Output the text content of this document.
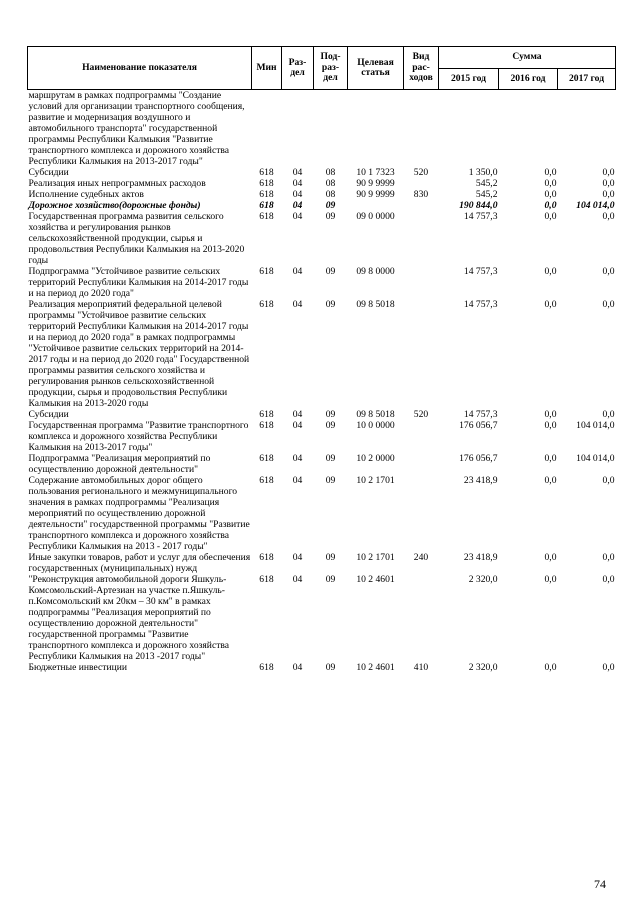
Наименование показателя	Мин	Раз-дел	Под-раз-дел	Целевая статья	Вид рас-ходов	Сумма		
						2015 год	2016 год	2017 год
маршрутам в рамках подпрограммы "Создание условий для организации транспортного сообщения, развитие и модернизация воздушного и автомобильного транспорта" государственной программы Республики Калмыкия "Развитие транспортного комплекса и дорожного хозяйства Республики Калмыкия на 2013-2017 годы"								
Субсидии	618	04	08	10 1 7323	520	1 350,0	0,0	0,0
Реализация иных непрограммных расходов	618	04	08	90 9 9999		545,2	0,0	0,0
Исполнение судебных актов	618	04	08	90 9 9999	830	545,2	0,0	0,0
Дорожное хозяйство(дорожные фонды)	618	04	09			190 844,0	0,0	104 014,0
Государственная программа развития сельского хозяйства и регулирования рынков сельскохозяйственной продукции, сырья и продовольствия Республики Калмыкия на 2013-2020 годы	618	04	09	09 0 0000		14 757,3	0,0	0,0
Подпрограмма "Устойчивое развитие сельских территорий Республики Калмыкия на 2014-2017 годы и на период до 2020 года"	618	04	09	09 8 0000		14 757,3	0,0	0,0
Реализация мероприятий федеральной целевой программы "Устойчивое развитие сельских территорий Республики Калмыкия на 2014-2017 годы и на период до 2020 года" в рамках подпрограммы "Устойчивое развитие сельских территорий на 2014-2017 годы и на период до 2020 года" Государственной программы развития сельского хозяйства и регулирования рынков сельскохозяйственной продукции, сырья и продовольствия Республики Калмыкия на 2013-2020 годы	618	04	09	09 8 5018		14 757,3	0,0	0,0
Субсидии	618	04	09	09 8 5018	520	14 757,3	0,0	0,0
Государственная программа "Развитие транспортного комплекса и дорожного хозяйства Республики Калмыкия на 2013-2017 годы"	618	04	09	10 0 0000		176 056,7	0,0	104 014,0
Подпрограмма "Реализация мероприятий по осуществлению дорожной деятельности"	618	04	09	10 2 0000		176 056,7	0,0	104 014,0
Содержание автомобильных дорог общего пользования регионального и межмуниципального значения в рамках подпрограммы "Реализация мероприятий по осуществлению дорожной деятельности" государственной программы "Развитие транспортного комплекса и дорожного хозяйства Республики Калмыкия на 2013 - 2017 годы"	618	04	09	10 2 1701		23 418,9	0,0	0,0
Иные закупки товаров, работ и услуг для обеспечения государственных (муниципальных) нужд	618	04	09	10 2 1701	240	23 418,9	0,0	0,0
"Реконструкция автомобильной дороги Яшкуль-Комсомольский-Артезиан на участке п.Яшкуль-п.Комсомольский км 20км – 30 км" в рамках подпрограммы "Реализация мероприятий по осуществлению дорожной деятельности" государственной программы "Развитие транспортного комплекса и дорожного хозяйства Республики Калмыкия на 2013 -2017 годы"	618	04	09	10 2 4601		2 320,0	0,0	0,0
Бюджетные инвестиции	618	04	09	10 2 4601	410	2 320,0	0,0	0,0
74
